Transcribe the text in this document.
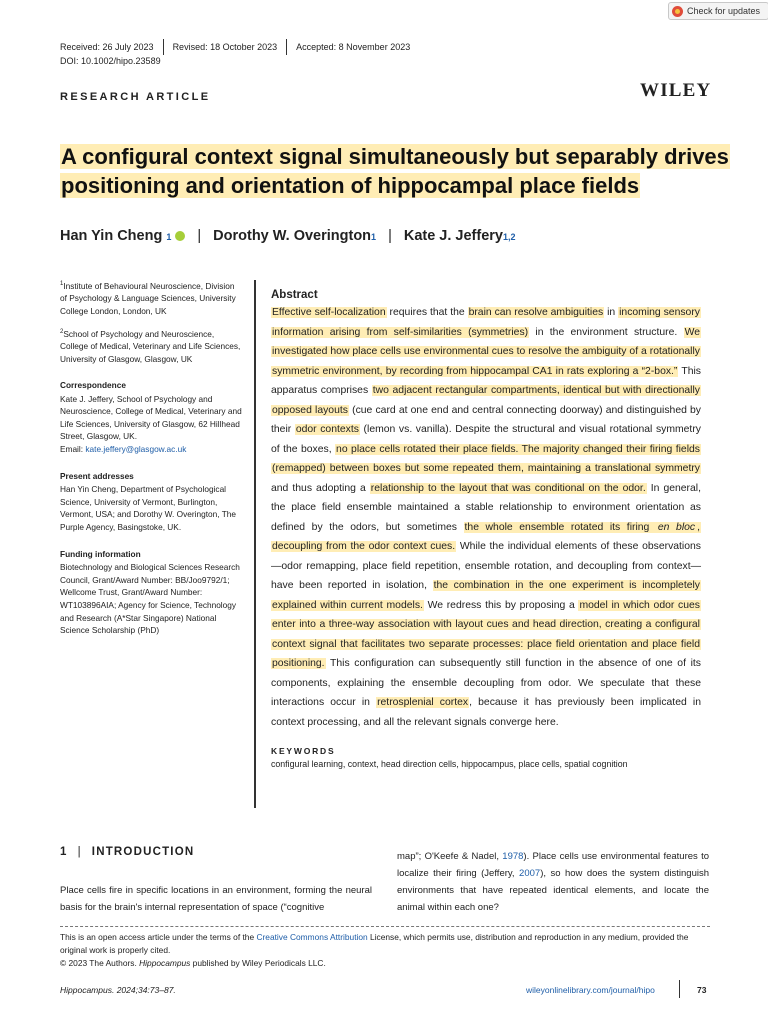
Check for updates
Received: 26 July 2023	Revised: 18 October 2023	Accepted: 8 November 2023
DOI: 10.1002/hipo.23589
RESEARCH ARTICLE	WILEY
A configural context signal simultaneously but separably drives positioning and orientation of hippocampal place fields
Han Yin Cheng
1	| Dorothy W. Overington 1 | Kate J. Jeffery 1,2

$^1$Institute of Behavioural Neuroscience, Division of Psychology & Language Sciences, University College London, London, UK

$^2$School of Psychology and Neuroscience, College of Medical, Veterinary and Life Sciences, University of Glasgow, Glasgow, UK

Correspondence

Kate J. Jeffery, School of Psychology and Neuroscience, College of Medical, Veterinary and Life Sciences, University of Glasgow, 62 Hillhead Street, Glasgow, UK.
Email: kate.jeffery@glasgow.ac.uk

Present addresses

Han Yin Cheng, Department of Psychological Science, University of Vermont, Burlington, Vermont, USA; and Dorothy W. Overington, The Purple Agency, Basingstoke, UK.

Funding information

Biotechnology and Biological Sciences Research Council, Grant/Award Number: BB/Joo9792/1; Wellcome Trust, Grant/Award Number: WT103896AIA; Agency for Science, Technology and Research (A*Star Singapore) National Science Scholarship (PhD)

Abstract

Effective self-localization requires that the brain can resolve ambiguities in incoming sensory information arising from self-similarities (symmetries) in the environment structure. We investigated how place cells use environmental cues to resolve the ambiguity of a rotationally symmetric environment, by recording from hippocampal CA1 in rats exploring a “2-box.” This apparatus comprises two adjacent rectangular compartments, identical but with directionally opposed layouts (cue card at one end and central connecting doorway) and distinguished by their odor contexts (lemon vs. vanilla). Despite the structural and visual rotational symmetry of the boxes, no place cells rotated their place fields. The majority changed their firing fields (remapped) between boxes but some repeated them, maintaining a translational symmetry and thus adopting a relationship to the layout that was conditional on the odor. In general, the place field ensemble maintained a stable relationship to environment orientation as defined by the odors, but sometimes the whole ensemble rotated its firing en bloc , decoupling from the odor context cues. While the individual elements of these observations—odor remapping, place field repetition, ensemble rotation, and decoupling from context—have been reported in isolation, the combination in the one experiment is incompletely explained within current models. We redress this by proposing a model in which odor cues enter into a three-way association with layout cues and head direction, creating a configural context signal that facilitates two separate processes: place field orientation and place field positioning. This configuration can subsequently still function in the absence of one of its components, explaining the ensemble decoupling from odor. We speculate that these interactions occur in retrosplenial cortex, because it has previously been implicated in context processing, and all the relevant signals converge here.

KEYWORDS
configural learning, context, head direction cells, hippocampus, place cells, spatial cognition
1 | INTRODUCTION
Place cells fire in specific locations in an environment, forming the neural basis for the brain's internal representation of space (“cognitive
map”; O'Keefe & Nadel, 1978). Place cells use environmental features to localize their firing (Jeffery, 2007), so how does the system distinguish environments that have repeated identical elements, and locate the animal within each one?
This is an open access article under the terms of the Creative Commons Attribution License, which permits use, distribution and reproduction in any medium, provided the original work is properly cited.
© 2023 The Authors. Hippocampus published by Wiley Periodicals LLC.
Hippocampus. 2024;34:73–87.	wileyonlinelibrary.com/journal/hipo	73
